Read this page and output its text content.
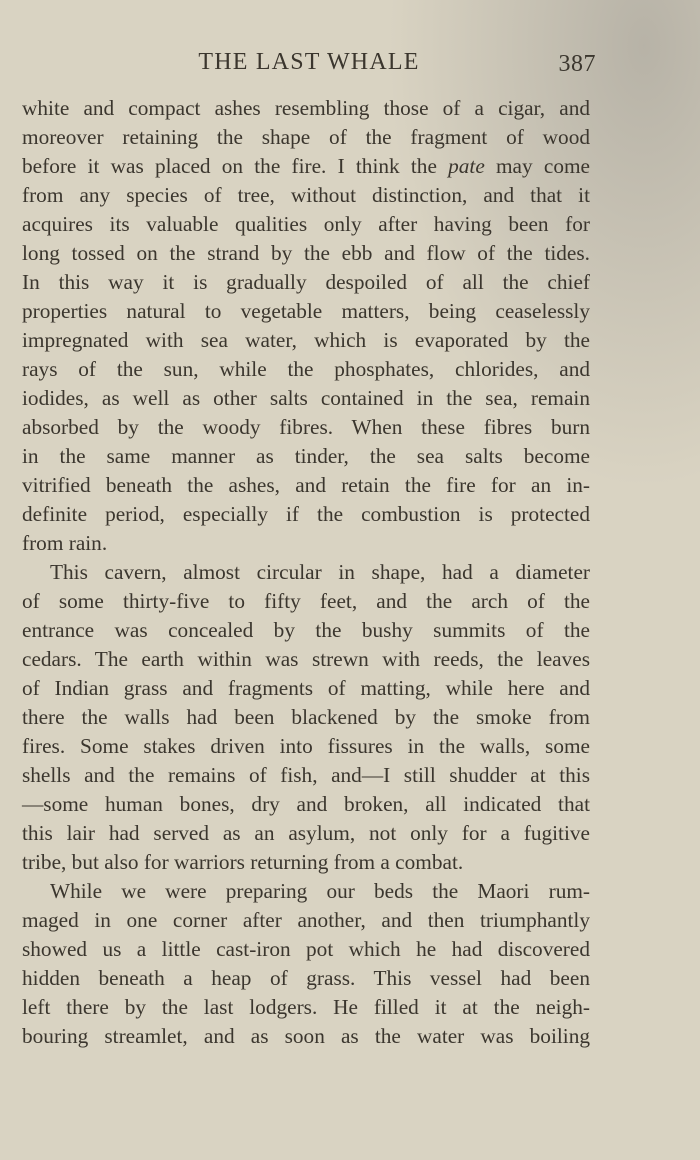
THE LAST WHALE	387
white and compact ashes resembling those of a cigar, and
moreover retaining the shape of the fragment of wood
before it was placed on the fire. I think the pate may come
from any species of tree, without distinction, and that it
acquires its valuable qualities only after having been for
long tossed on the strand by the ebb and flow of the tides.
In this way it is gradually despoiled of all the chief
properties natural to vegetable matters, being ceaselessly
impregnated with sea water, which is evaporated by the
rays of the sun, while the phosphates, chlorides, and
iodides, as well as other salts contained in the sea, remain
absorbed by the woody fibres. When these fibres burn
in the same manner as tinder, the sea salts become
vitrified beneath the ashes, and retain the fire for an in-
definite period, especially if the combustion is protected
from rain.
This cavern, almost circular in shape, had a diameter
of some thirty-five to fifty feet, and the arch of the
entrance was concealed by the bushy summits of the
cedars. The earth within was strewn with reeds, the leaves
of Indian grass and fragments of matting, while here and
there the walls had been blackened by the smoke from
fires. Some stakes driven into fissures in the walls, some
shells and the remains of fish, and—I still shudder at this
—some human bones, dry and broken, all indicated that
this lair had served as an asylum, not only for a fugitive
tribe, but also for warriors returning from a combat.
While we were preparing our beds the Maori rum-
maged in one corner after another, and then triumphantly
showed us a little cast-iron pot which he had discovered
hidden beneath a heap of grass. This vessel had been
left there by the last lodgers. He filled it at the neigh-
bouring streamlet, and as soon as the water was boiling
